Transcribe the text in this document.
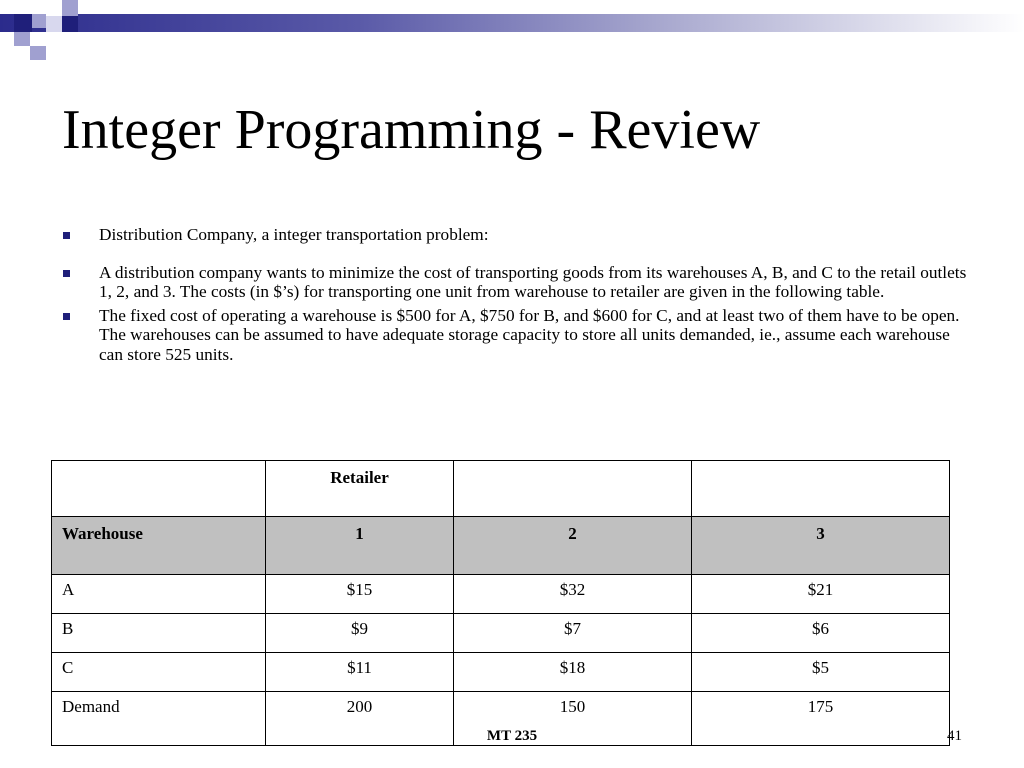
Integer Programming - Review

Distribution Company, a integer transportation problem:

A distribution company wants to minimize the cost of transporting goods from its warehouses A, B, and C to the retail outlets 1, 2, and 3. The costs (in $’s) for transporting one unit from warehouse to retailer are given in the following table.

The fixed cost of operating a warehouse is $500 for A, $750 for B, and $600 for C, and at least two of them have to be open. The warehouses can be assumed to have adequate storage capacity to store all units demanded, ie., assume each warehouse can store 525 units.

	Retailer		
Warehouse	1	2	3
A	$15	$32	$21
B	$9	$7	$6
C	$11	$18	$5
Demand	200	150	175
MT 235	41
